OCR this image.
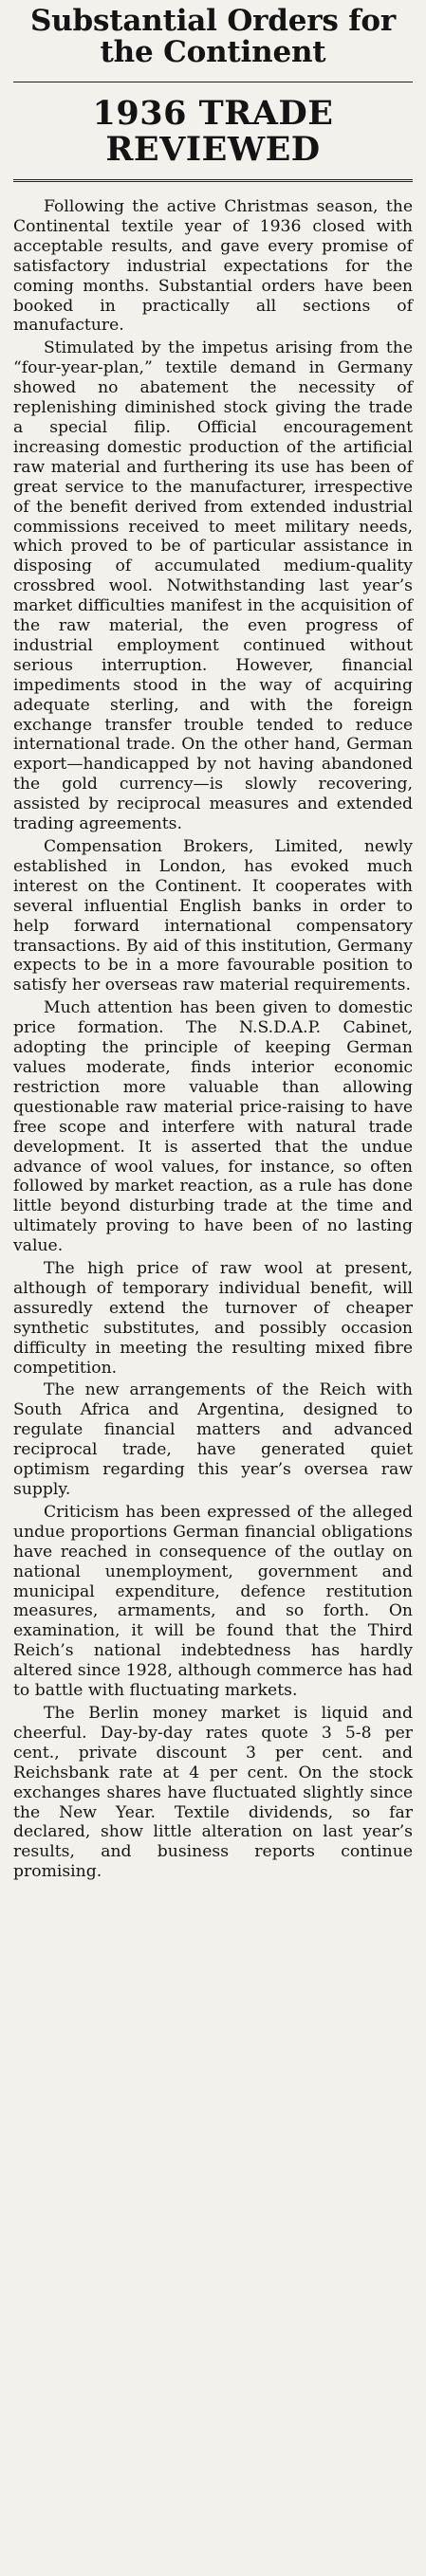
Substantial Orders for the Continent
1936 TRADE REVIEWED

Following the active Christmas season, the Continental textile year of 1936 closed with acceptable results, and gave every promise of satisfactory industrial expectations for the coming months. Substantial orders have been booked in practically all sections of manufacture.

Stimulated by the impetus arising from the “four-year-plan,” textile demand in Germany showed no abatement the necessity of replenishing diminished stock giving the trade a special filip. Official encouragement increasing domestic production of the artificial raw material and furthering its use has been of great service to the manufacturer, irrespective of the benefit derived from extended industrial commissions received to meet military needs, which proved to be of particular assistance in disposing of accumulated medium-quality crossbred wool. Notwithstanding last year’s market difficulties manifest in the acquisition of the raw material, the even progress of industrial employment continued without serious interruption. However, financial impediments stood in the way of acquiring adequate sterling, and with the foreign exchange transfer trouble tended to reduce international trade. On the other hand, German export—handicapped by not having abandoned the gold currency—is slowly recovering, assisted by reciprocal measures and extended trading agreements.

Compensation Brokers, Limited, newly established in London, has evoked much interest on the Continent. It cooperates with several influential English banks in order to help forward international compensatory transactions. By aid of this institution, Germany expects to be in a more favourable position to satisfy her overseas raw material requirements.

Much attention has been given to domestic price formation. The N.S.D.A.P. Cabinet, adopting the principle of keeping German values moderate, finds interior economic restriction more valuable than allowing questionable raw material price-raising to have free scope and interfere with natural trade development. It is asserted that the undue advance of wool values, for instance, so often followed by market reaction, as a rule has done little beyond disturbing trade at the time and ultimately proving to have been of no lasting value.

The high price of raw wool at present, although of temporary individual benefit, will assuredly extend the turnover of cheaper synthetic substitutes, and possibly occasion difficulty in meeting the resulting mixed fibre competition.

The new arrangements of the Reich with South Africa and Argentina, designed to regulate financial matters and advanced reciprocal trade, have generated quiet optimism regarding this year’s oversea raw supply.

Criticism has been expressed of the alleged undue proportions German financial obligations have reached in consequence of the outlay on national unemployment, government and municipal expenditure, defence restitution measures, armaments, and so forth. On examination, it will be found that the Third Reich’s national indebtedness has hardly altered since 1928, although commerce has had to battle with fluctuating markets.

The Berlin money market is liquid and cheerful. Day-by-day rates quote 3 5-8 per cent., private discount 3 per cent. and Reichsbank rate at 4 per cent. On the stock exchanges shares have fluctuated slightly since the New Year. Textile dividends, so far declared, show little alteration on last year’s results, and business reports continue promising.
